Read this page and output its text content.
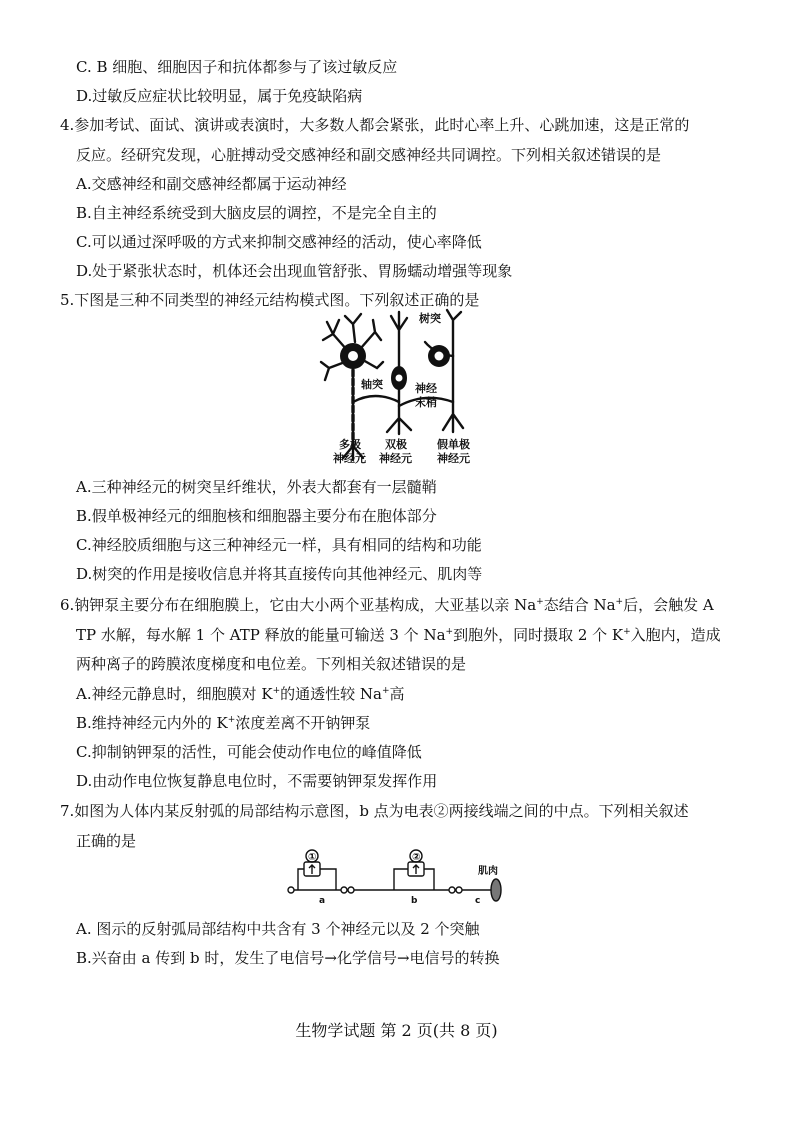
C. B 细胞、细胞因子和抗体都参与了该过敏反应
D.过敏反应症状比较明显，属于免疫缺陷病
4.参加考试、面试、演讲或表演时，大多数人都会紧张，此时心率上升、心跳加速，这是正常的
反应。经研究发现，心脏搏动受交感神经和副交感神经共同调控。下列相关叙述错误的是
A.交感神经和副交感神经都属于运动神经
B.自主神经系统受到大脑皮层的调控，不是完全自主的
C.可以通过深呼吸的方式来抑制交感神经的活动，使心率降低
D.处于紧张状态时，机体还会出现血管舒张、胃肠蠕动增强等现象
5.下图是三种不同类型的神经元结构模式图。下列叙述正确的是
树突
轴突	神经
末梢
多极
神经元
双极
神经元
假单极
神经元
A.三种神经元的树突呈纤维状，外表大都套有一层髓鞘
B.假单极神经元的细胞核和细胞器主要分布在胞体部分
C.神经胶质细胞与这三种神经元一样，具有相同的结构和功能
D.树突的作用是接收信息并将其直接传向其他神经元、肌肉等
6.钠钾泵主要分布在细胞膜上，它由大小两个亚基构成，大亚基以亲 Na+态结合 Na+后，会触发 A
TP 水解，每水解 1 个 ATP 释放的能量可输送 3 个 Na+到胞外，同时摄取 2 个 K+入胞内，造成
两种离子的跨膜浓度梯度和电位差。下列相关叙述错误的是
A.神经元静息时，细胞膜对 K+的通透性较 Na+高
B.维持神经元内外的 K+浓度差离不开钠钾泵
C.抑制钠钾泵的活性，可能会使动作电位的峰值降低
D.由动作电位恢复静息电位时，不需要钠钾泵发挥作用
7.如图为人体内某反射弧的局部结构示意图，b 点为电表②两接线端之间的中点。下列相关叙述
正确的是
①	②
a	b	c
肌肉
A. 图示的反射弧局部结构中共含有 3 个神经元以及 2 个突触
B.兴奋由 a 传到 b 时，发生了电信号→化学信号→电信号的转换
生物学试题 第 2 页(共 8 页)
